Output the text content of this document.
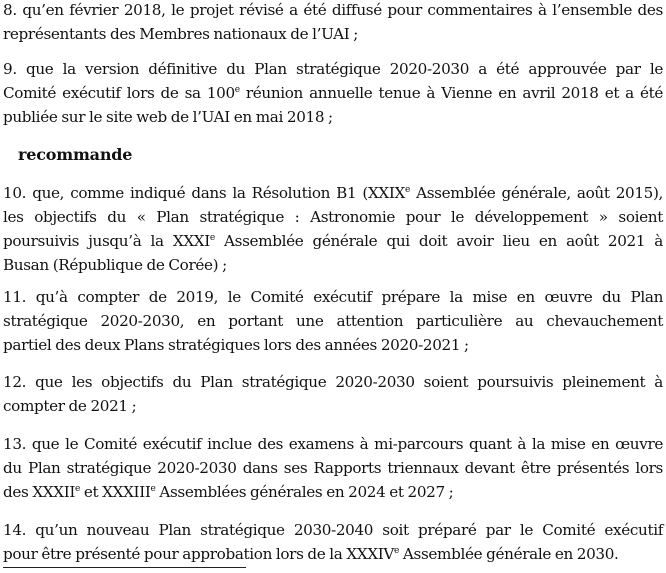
8. qu’en février 2018, le projet révisé a été diffusé pour commentaires à l’ensemble des
représentants des Membres nationaux de l’UAI ;

9. que la version définitive du Plan stratégique 2020-2030 a été approuvée par le
Comité exécutif lors de sa 100e réunion annuelle tenue à Vienne en avril 2018 et a été
publiée sur le site web de l’UAI en mai 2018 ;

recommande

10. que, comme indiqué dans la Résolution B1 (XXIXe Assemblée générale, août 2015),
les objectifs du « Plan stratégique : Astronomie pour le développement » soient
poursuivis jusqu’à la XXXIe Assemblée générale qui doit avoir lieu en août 2021 à
Busan (République de Corée) ;

11. qu’à compter de 2019, le Comité exécutif prépare la mise en œuvre du Plan
stratégique 2020-2030, en portant une attention particulière au chevauchement
partiel des deux Plans stratégiques lors des années 2020-2021 ;

12. que les objectifs du Plan stratégique 2020-2030 soient poursuivis pleinement à
compter de 2021 ;

13. que le Comité exécutif inclue des examens à mi-parcours quant à la mise en œuvre
du Plan stratégique 2020-2030 dans ses Rapports triennaux devant être présentés lors
des XXXIIe et XXXIIIe Assemblées générales en 2024 et 2027 ;

14. qu’un nouveau Plan stratégique 2030-2040 soit préparé par le Comité exécutif
pour être présenté pour approbation lors de la XXXIVe Assemblée générale en 2030.
